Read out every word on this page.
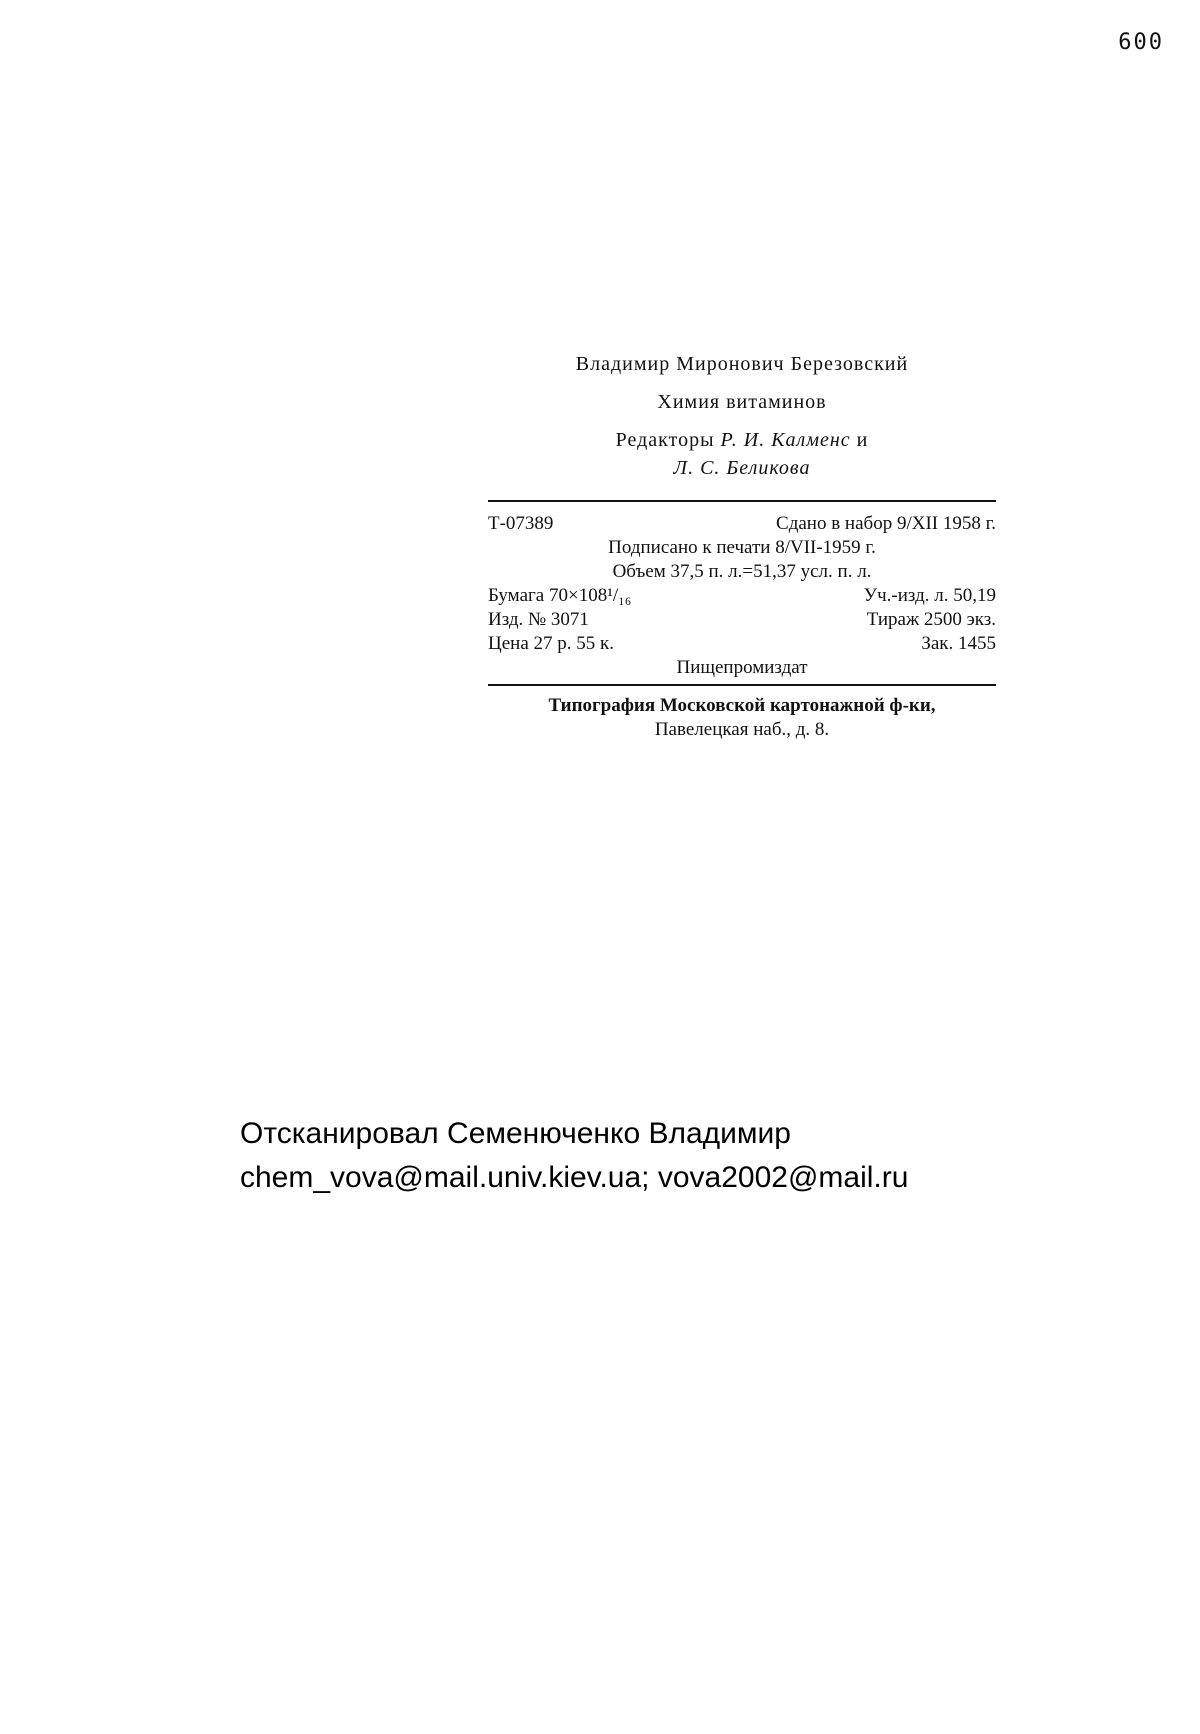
600
Владимир Миронович Березовский
Химия витаминов
Редакторы Р. И. Калменс и
Л. С. Беликова
Т-07389	Сдано в набор 9/XII 1958 г.
Подписано к печати 8/VII-1959 г.
Объем 37,5 п. л.=51,37 усл. п. л.
Бумага 70×108¹/₁₆	Уч.-изд. л. 50,19
Изд. № 3071	Тираж 2500 экз.
Цена 27 р. 55 к.	Зак. 1455
Пищепромиздат
Типография Московской картонажной ф-ки,
Павелецкая наб., д. 8.
Отсканировал Семенюченко Владимир
chem_vova@mail.univ.kiev.ua; vova2002@mail.ru
